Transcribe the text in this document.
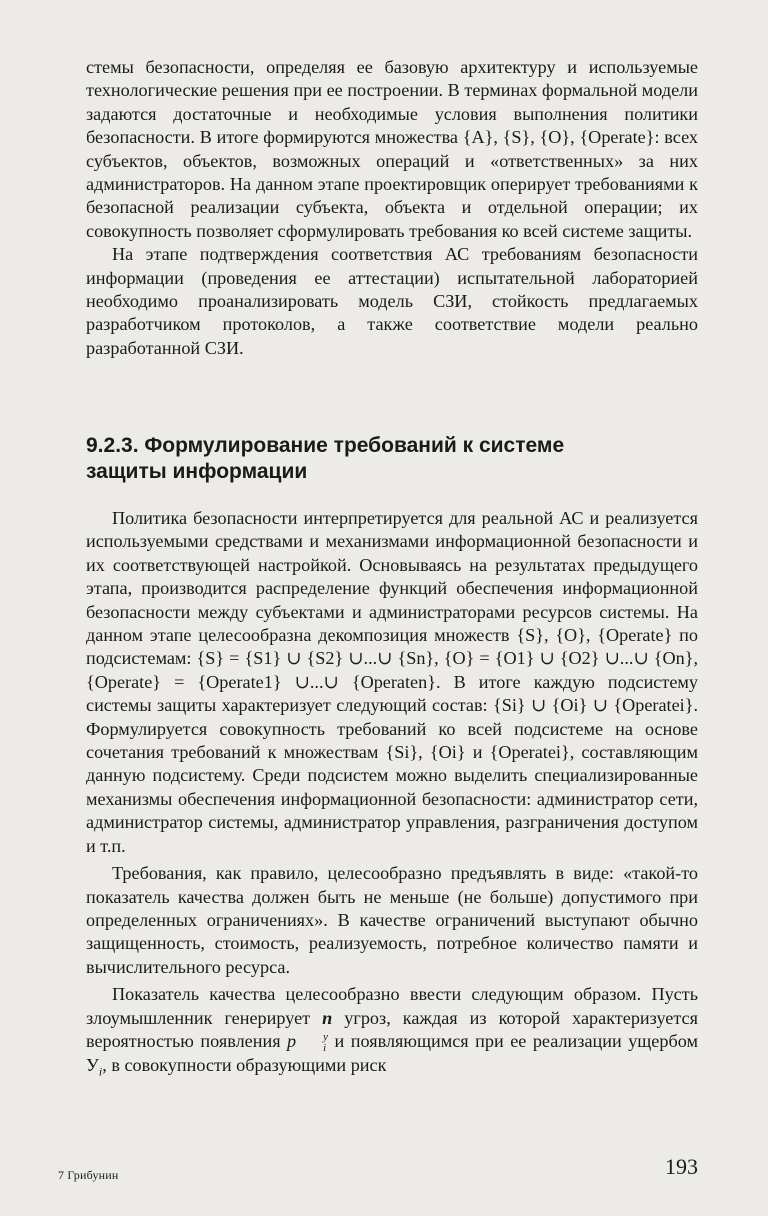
стемы безопасности, определяя ее базовую архитектуру и используемые технологические решения при ее построении. В терминах формальной модели задаются достаточные и необходимые условия выполнения политики безопасности. В итоге формируются множества {A}, {S}, {O}, {Operate}: всех субъектов, объектов, возможных операций и «ответственных» за них администраторов. На данном этапе проектировщик оперирует требованиями к безопасной реализации субъекта, объекта и отдельной операции; их совокупность позволяет сформулировать требования ко всей системе защиты.

На этапе подтверждения соответствия АС требованиям безопасности информации (проведения ее аттестации) испытательной лабораторией необходимо проанализировать модель СЗИ, стойкость предлагаемых разработчиком протоколов, а также соответствие модели реально разработанной СЗИ.

9.2.3. Формулирование требований к системе
защиты информации

Политика безопасности интерпретируется для реальной АС и реализуется используемыми средствами и механизмами информационной безопасности и их соответствующей настройкой. Основываясь на результатах предыдущего этапа, производится распределение функций обеспечения информационной безопасности между субъектами и администраторами ресурсов системы. На данном этапе целесообразна декомпозиция множеств {S}, {O}, {Operate} по подсистемам: {S} = {S1} ∪ {S2} ∪...∪ {Sn}, {O} = {O1} ∪ {O2} ∪...∪ {On}, {Operate} = {Operate1} ∪...∪ {Operaten}. В итоге каждую подсистему системы защиты характеризует следующий состав: {Si} ∪ {Oi} ∪ {Operatei}. Формулируется совокупность требований ко всей подсистеме на основе сочетания требований к множествам {Si}, {Oi} и {Operatei}, составляющим данную подсистему. Среди подсистем можно выделить специализированные механизмы обеспечения информационной безопасности: администратор сети, администратор системы, администратор управления, разграничения доступом и т.п.

Требования, как правило, целесообразно предъявлять в виде: «такой-то показатель качества должен быть не меньше (не больше) допустимого при определенных ограничениях». В качестве ограничений выступают обычно защищенность, стоимость, реализуемость, потребное количество памяти и вычислительного ресурса.

Показатель качества целесообразно ввести следующим образом. Пусть злоумышленник генерирует n угроз, каждая из которой характеризуется вероятностью появления p	y
i и появляющимся при ее реализации ущербом $У_i$, в совокупности образующими риск

7 Грибунин	193
